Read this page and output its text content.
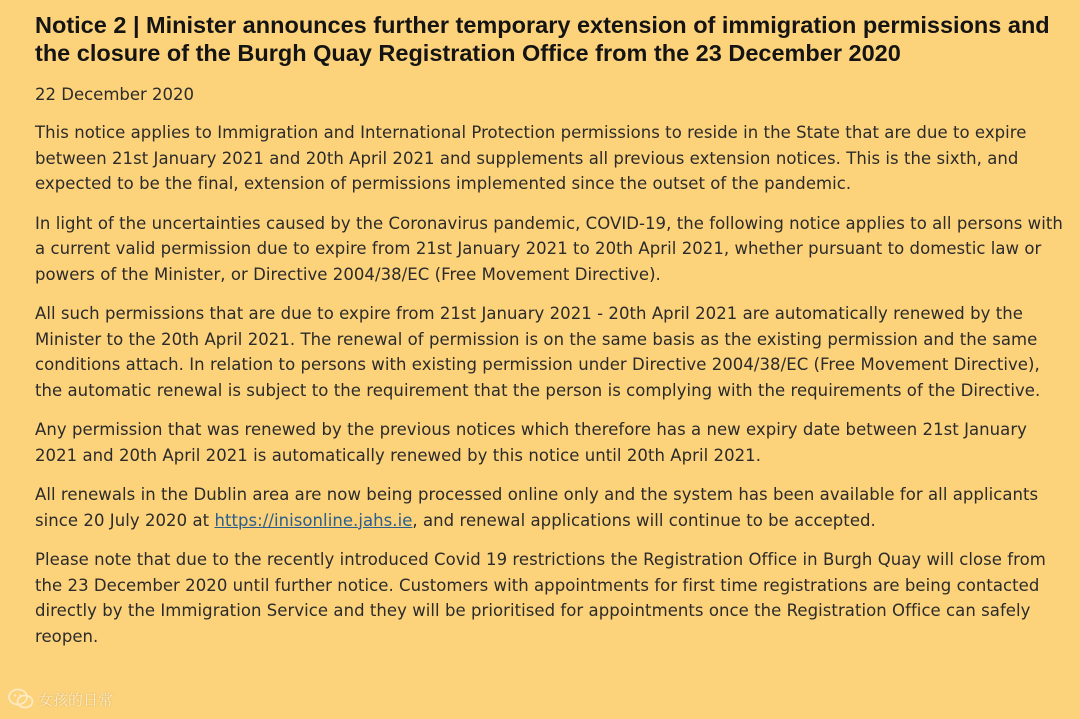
Notice 2 | Minister announces further temporary extension of immigration permissions and the closure of the Burgh Quay Registration Office from the 23 December 2020
22 December 2020

This notice applies to Immigration and International Protection permissions to reside in the State that are due to expire between 21st January 2021 and 20th April 2021 and supplements all previous extension notices. This is the sixth, and expected to be the final, extension of permissions implemented since the outset of the pandemic.

In light of the uncertainties caused by the Coronavirus pandemic, COVID-19, the following notice applies to all persons with a current valid permission due to expire from 21st January 2021 to 20th April 2021, whether pursuant to domestic law or powers of the Minister, or Directive 2004/38/EC (Free Movement Directive).

All such permissions that are due to expire from 21st January 2021 - 20th April 2021 are automatically renewed by the Minister to the 20th April 2021. The renewal of permission is on the same basis as the existing permission and the same conditions attach. In relation to persons with existing permission under Directive 2004/38/EC (Free Movement Directive), the automatic renewal is subject to the requirement that the person is complying with the requirements of the Directive.

Any permission that was renewed by the previous notices which therefore has a new expiry date between 21st January 2021 and 20th April 2021 is automatically renewed by this notice until 20th April 2021.

All renewals in the Dublin area are now being processed online only and the system has been available for all applicants since 20 July 2020 at https://inisonline.jahs.ie, and renewal applications will continue to be accepted.

Please note that due to the recently introduced Covid 19 restrictions the Registration Office in Burgh Quay will close from the 23 December 2020 until further notice. Customers with appointments for first time registrations are being contacted directly by the Immigration Service and they will be prioritised for appointments once the Registration Office can safely reopen.

女孩的日常
